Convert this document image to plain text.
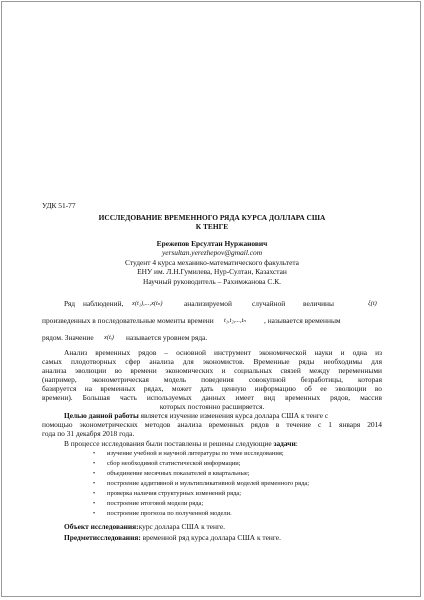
УДК 51-77
ИССЛЕДОВАНИЕ ВРЕМЕННОГО РЯДА КУРСА ДОЛЛАРА США
К ТЕНГЕ
Ережепов Ерсултан Нуржанович
yersultan.yerezhepov@gmail.com
Студент 4 курса механико-математического факультета
ЕНУ им. Л.Н.Гумилева, Нур-Султан, Казахстан
Научный руководитель – Рахимжанова С.К.
Ряд наблюдений, x(t₁),...,x(tₙ)	анализируемой	случайной величины	ξ(t)
произведенных в последовательные моменты времени t₁,t₂,...,tₙ , называется временным
рядом. Значение x(tᵢ) называется уровнем ряда.
Анализ временных рядов – основной инструмент экономической науки и одна из
самых плодотворных сфер анализа для экономистов. Временные ряды необходимы для
анализа эволюции во времени экономических и социальных связей между переменными
(например, эконометрическая модель поведения совокупной безработицы, которая
базируется на временных рядах, может дать ценную информацию об ее эволюции во
времени). Большая часть используемых данных имеет вид временных рядов, массив
которых постоянно расширяется.
Целью данной работы является изучение изменения курса доллара США к тенге с
помощью эконометрических методов анализа временных рядов в течение с 1 января 2014
года по 31 декабря 2018 года.
В процессе исследования были поставлены и решены следующие задачи:
• изучение учебной и научной литературы по теме исследования;
• сбор необходимой статистической информации;
• объединение месячных показателей в квартальные;
• построение аддитивной и мультипликативной моделей временного ряда;
• проверка наличия структурных изменений ряда;
• построение итоговой модели ряда;
• построение прогноза по полученной модели.
Объект исследования:курс доллара США к тенге.
Предметисследования: временной ряд курса доллара США к тенге.
